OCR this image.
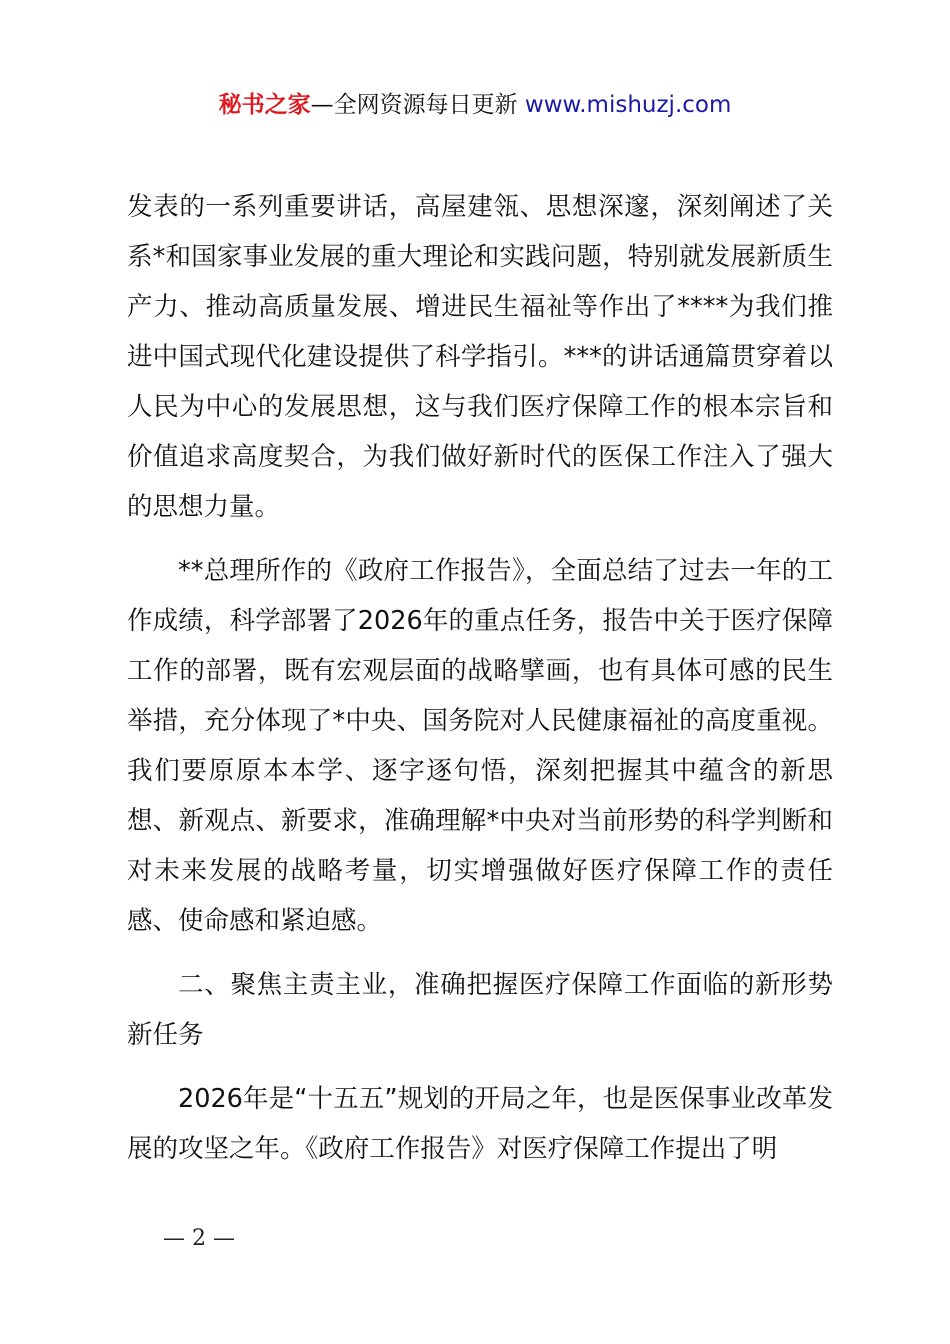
秘书之家—全网资源每日更新 www.mishuzj.com

发表的一系列重要讲话，高屋建瓴、思想深邃，深刻阐述了关系*和国家事业发展的重大理论和实践问题，特别就发展新质生产力、推动高质量发展、增进民生福祉等作出了****为我们推进中国式现代化建设提供了科学指引。***的讲话通篇贯穿着以人民为中心的发展思想，这与我们医疗保障工作的根本宗旨和价值追求高度契合，为我们做好新时代的医保工作注入了强大的思想力量。

**总理所作的《政府工作报告》，全面总结了过去一年的工作成绩，科学部署了2026年的重点任务，报告中关于医疗保障工作的部署，既有宏观层面的战略擘画，也有具体可感的民生举措，充分体现了*中央、国务院对人民健康福祉的高度重视。我们要原原本本学、逐字逐句悟，深刻把握其中蕴含的新思想、新观点、新要求，准确理解*中央对当前形势的科学判断和对未来发展的战略考量，切实增强做好医疗保障工作的责任感、使命感和紧迫感。

二、聚焦主责主业，准确把握医疗保障工作面临的新形势新任务

2026年是“十五五”规划的开局之年，也是医保事业改革发展的攻坚之年。《政府工作报告》对医疗保障工作提出了明

— 2 —
